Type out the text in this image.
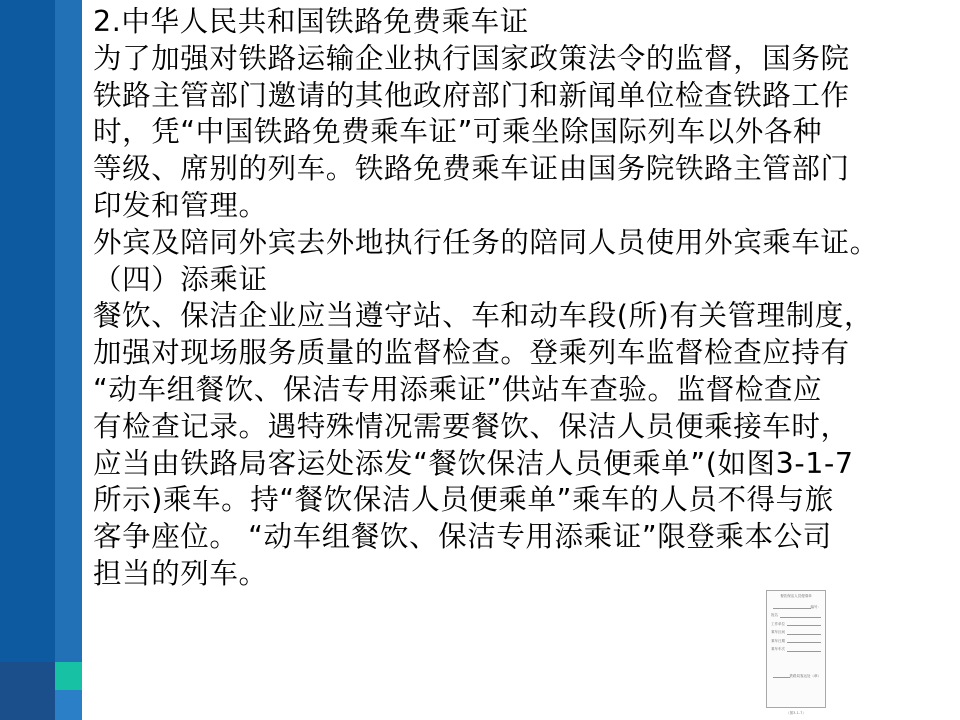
2.中华人民共和国铁路免费乘车证

为了加强对铁路运输企业执行国家政策法令的监督，国务院

铁路主管部门邀请的其他政府部门和新闻单位检查铁路工作

时，凭“中国铁路免费乘车证”可乘坐除国际列车以外各种

等级、席别的列车。铁路免费乘车证由国务院铁路主管部门

印发和管理。

外宾及陪同外宾去外地执行任务的陪同人员使用外宾乘车证。

（四）添乘证

餐饮、保洁企业应当遵守站、车和动车段(所)有关管理制度，

加强对现场服务质量的监督检查。登乘列车监督检查应持有

“动车组餐饮、保洁专用添乘证”供站车查验。监督检查应

有检查记录。遇特殊情况需要餐饮、保洁人员便乘接车时，

应当由铁路局客运处添发“餐饮保洁人员便乘单”(如图3-1-7

所示)乘车。持“餐饮保洁人员便乘单”乘车的人员不得与旅

客争座位。 “动车组餐饮、保洁专用添乘证”限登乘本公司

担当的列车。

餐饮保洁人员便乘单
编号：
姓名
工作单位
乘车区间
乘车日期
乘车车次
铁路局客运处（章）
（图3-1-7）
